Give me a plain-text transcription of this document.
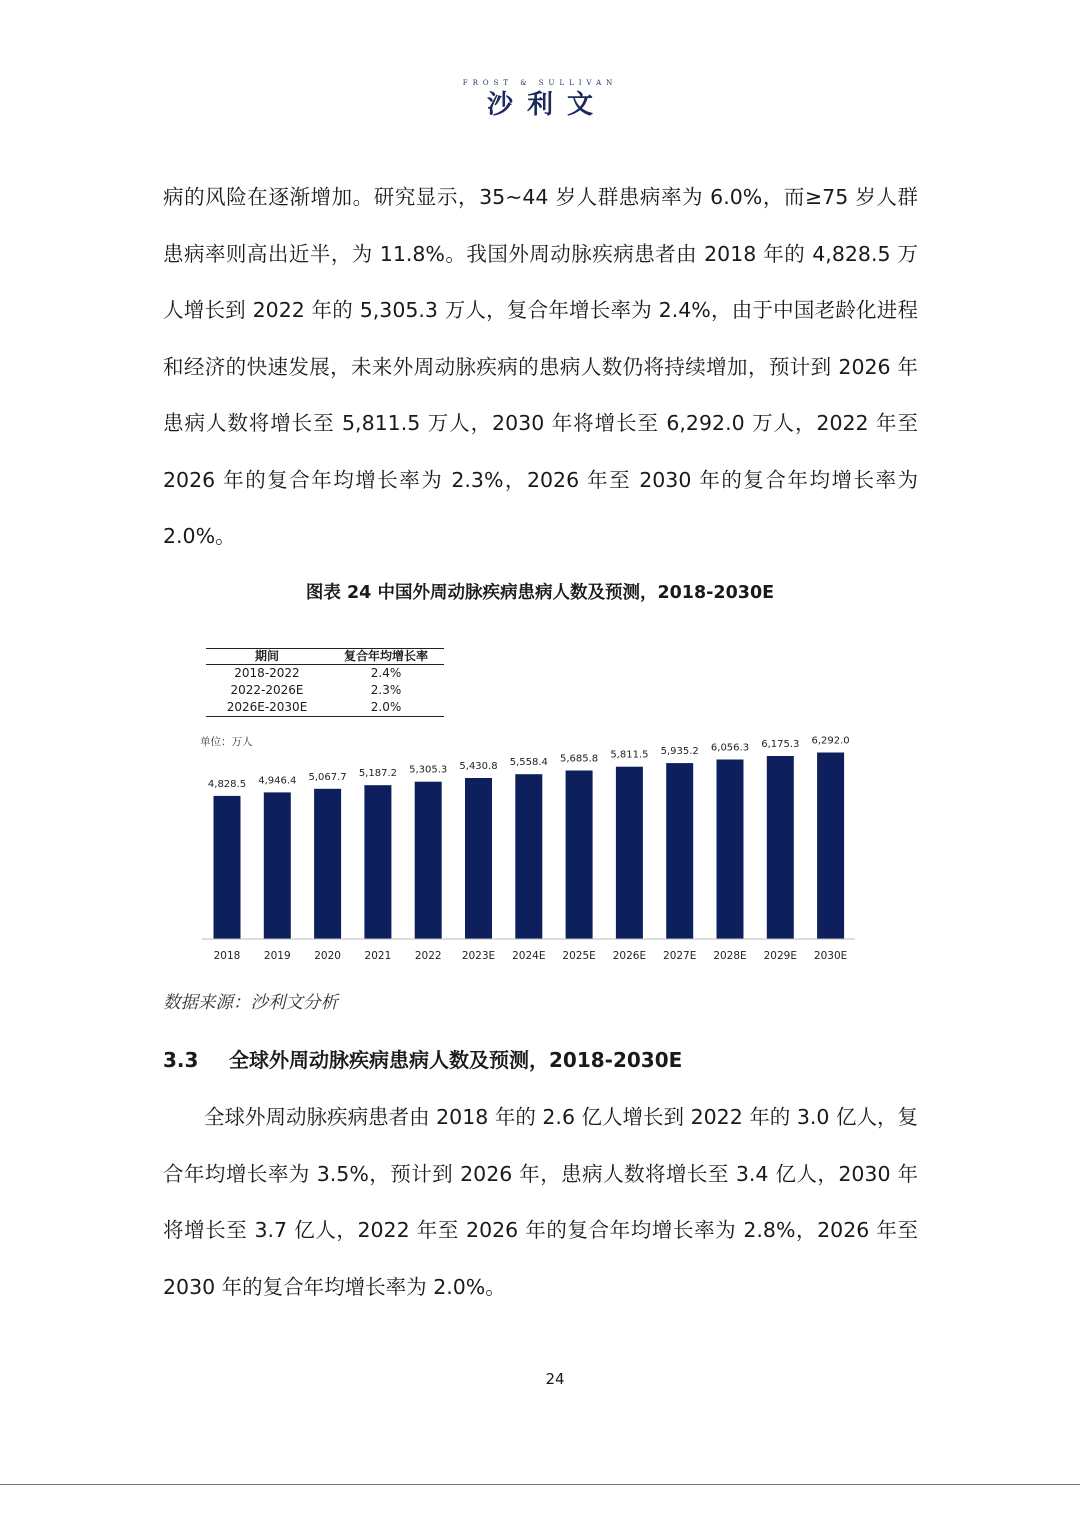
FROST & SULLIVAN
沙利文

病的风险在逐渐增加。研究显示，35~44 岁人群患病率为 6.0%，而≥75 岁人群患病率则高出近半，为 11.8%。我国外周动脉疾病患者由 2018 年的 4,828.5 万人增长到 2022 年的 5,305.3 万人，复合年增长率为 2.4%，由于中国老龄化进程和经济的快速发展，未来外周动脉疾病的患病人数仍将持续增加，预计到 2026 年患病人数将增长至 5,811.5 万人，2030 年将增长至 6,292.0 万人，2022 年至 2026 年的复合年均增长率为 2.3%，2026 年至 2030 年的复合年均增长率为 2.0%。

图表 24 中国外周动脉疾病患病人数及预测，2018-2030E
期间	复合年均增长率
2018-2022	2.4%
2022-2026E	2.3%
2026E-2030E	2.0%
单位：万人
4,828.5 4,946.4 5,067.7 5,187.2 5,305.3 5,430.8 5,558.4 5,685.8 5,811.5 5,935.2 6,056.3 6,175.3 6,292.0
2018 2019 2020 2021 2022 2023E 2024E 2025E 2026E 2027E 2028E 2029E 2030E
数据来源：沙利文分析
3.3 全球外周动脉疾病患病人数及预测，2018-2030E

全球外周动脉疾病患者由 2018 年的 2.6 亿人增长到 2022 年的 3.0 亿人，复合年均增长率为 3.5%，预计到 2026 年，患病人数将增长至 3.4 亿人，2030 年将增长至 3.7 亿人，2022 年至 2026 年的复合年均增长率为 2.8%，2026 年至 2030 年的复合年均增长率为 2.0%。

24
